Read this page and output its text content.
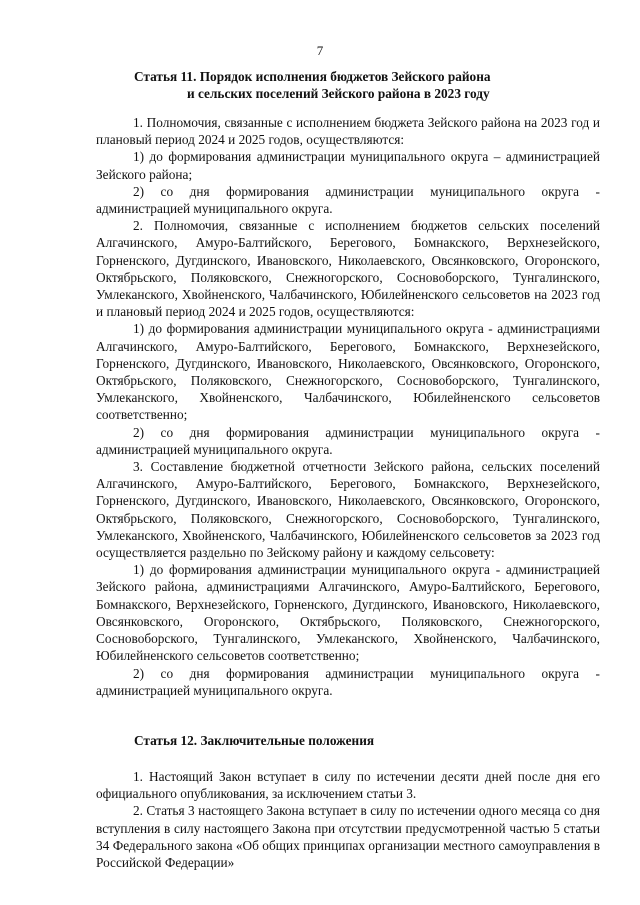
7
Статья 11. Порядок исполнения бюджетов Зейского района
и сельских поселений Зейского района в 2023 году

1. Полномочия, связанные с исполнением бюджета Зейского района на 2023 год и плановый период 2024 и 2025 годов, осуществляются:

1) до формирования администрации муниципального округа – администрацией Зейского района;

2) со дня формирования администрации муниципального округа - администрацией муниципального округа.

2. Полномочия, связанные с исполнением бюджетов сельских поселений Алгачинского, Амуро-Балтийского, Берегового, Бомнакского, Верхнезейского, Горненского, Дугдинского, Ивановского, Николаевского, Овсянковского, Огоронского, Октябрьского, Поляковского, Снежногорского, Сосновоборского, Тунгалинского, Умлеканского, Хвойненского, Чалбачинского, Юбилейненского сельсоветов на 2023 год и плановый период 2024 и 2025 годов, осуществляются:

1) до формирования администрации муниципального округа - администрациями Алгачинского, Амуро-Балтийского, Берегового, Бомнакского, Верхнезейского, Горненского, Дугдинского, Ивановского, Николаевского, Овсянковского, Огоронского, Октябрьского, Поляковского, Снежногорского, Сосновоборского, Тунгалинского, Умлеканского, Хвойненского, Чалбачинского, Юбилейненского сельсоветов соответственно;

2) со дня формирования администрации муниципального округа - администрацией муниципального округа.

3. Составление бюджетной отчетности Зейского района, сельских поселений Алгачинского, Амуро-Балтийского, Берегового, Бомнакского, Верхнезейского, Горненского, Дугдинского, Ивановского, Николаевского, Овсянковского, Огоронского, Октябрьского, Поляковского, Снежногорского, Сосновоборского, Тунгалинского, Умлеканского, Хвойненского, Чалбачинского, Юбилейненского сельсоветов за 2023 год осуществляется раздельно по Зейскому району и каждому сельсовету:

1) до формирования администрации муниципального округа - администрацией Зейского района, администрациями Алгачинского, Амуро-Балтийского, Берегового, Бомнакского, Верхнезейского, Горненского, Дугдинского, Ивановского, Николаевского, Овсянковского, Огоронского, Октябрьского, Поляковского, Снежногорского, Сосновоборского, Тунгалинского, Умлеканского, Хвойненского, Чалбачинского, Юбилейненского сельсоветов соответственно;

2) со дня формирования администрации муниципального округа - администрацией муниципального округа.

Статья 12. Заключительные положения

1. Настоящий Закон вступает в силу по истечении десяти дней после дня его официального опубликования, за исключением статьи 3.

2. Статья 3 настоящего Закона вступает в силу по истечении одного месяца со дня вступления в силу настоящего Закона при отсутствии предусмотренной частью 5 статьи 34 Федерального закона «Об общих принципах организации местного самоуправления в Российской Федерации»
